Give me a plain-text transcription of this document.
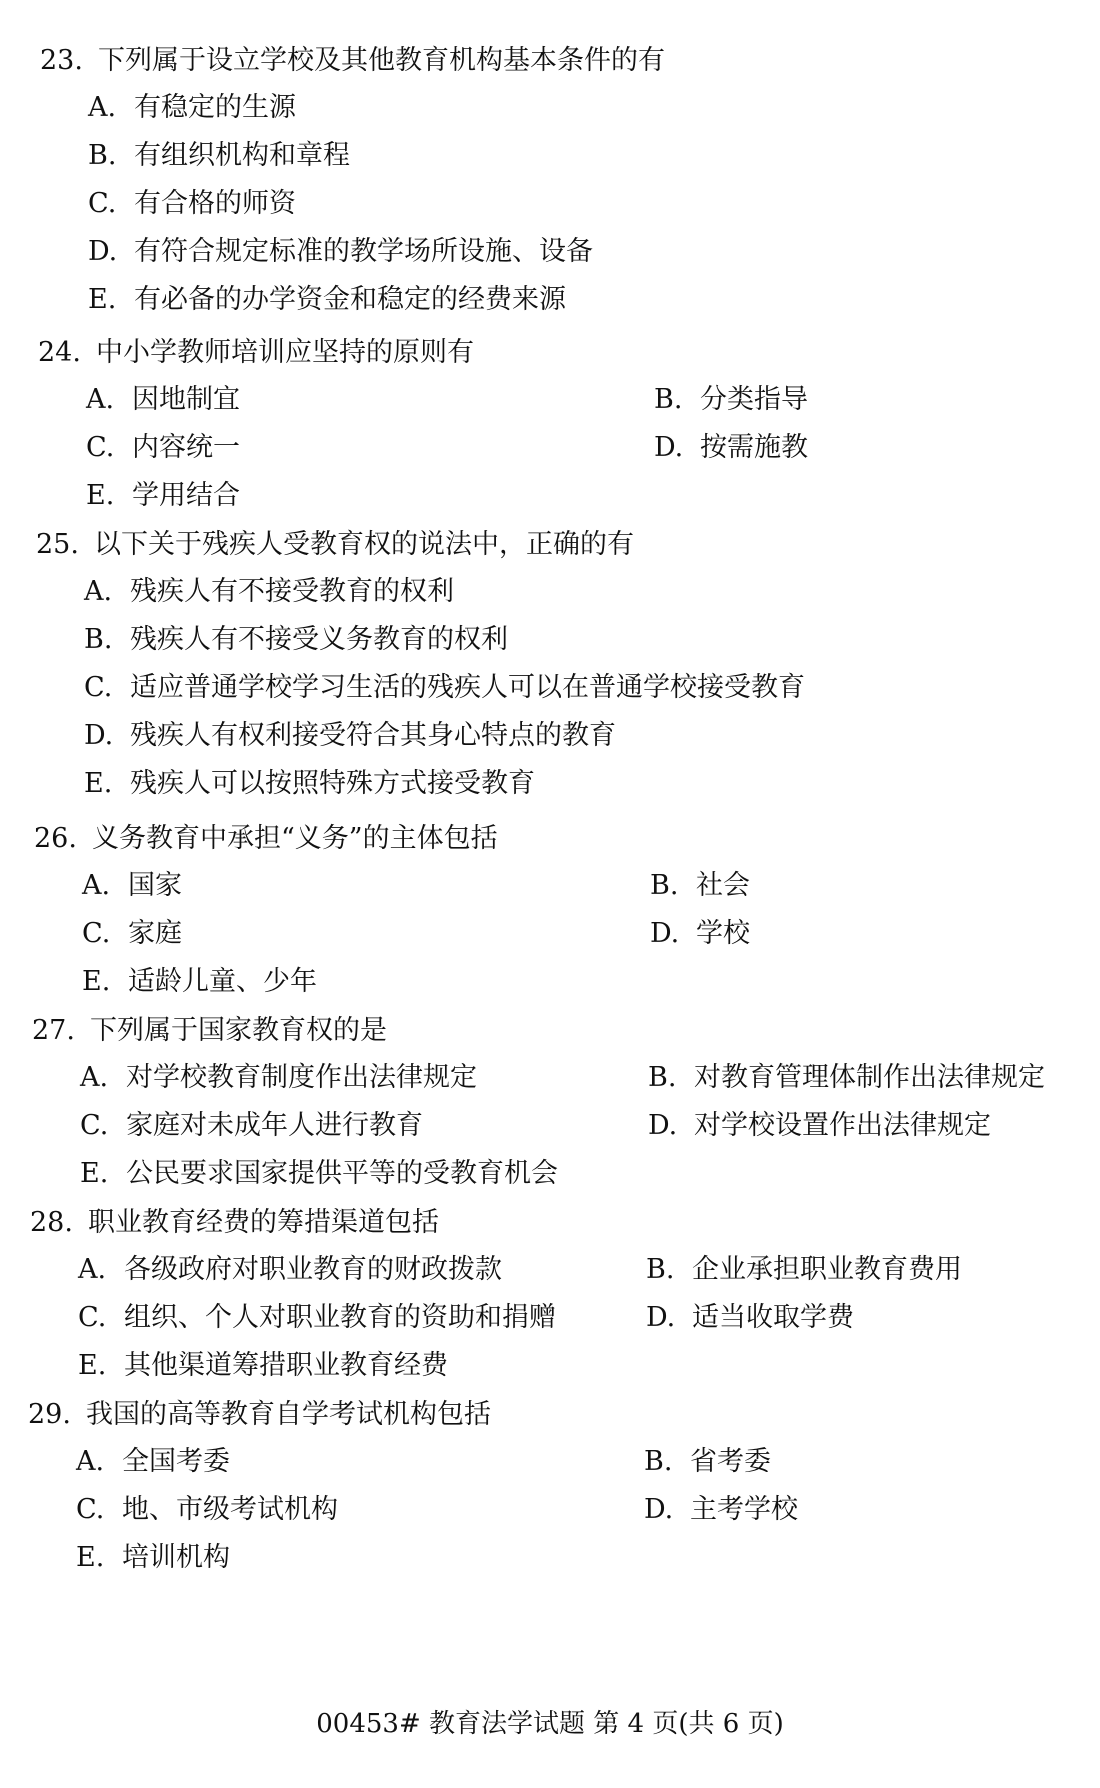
23. 下列属于设立学校及其他教育机构基本条件的有
A. 有稳定的生源
B. 有组织机构和章程
C. 有合格的师资
D. 有符合规定标准的教学场所设施、设备
E. 有必备的办学资金和稳定的经费来源
24. 中小学教师培训应坚持的原则有
A. 因地制宜	B. 分类指导
C. 内容统一	D. 按需施教
E. 学用结合
25. 以下关于残疾人受教育权的说法中，正确的有
A. 残疾人有不接受教育的权利
B. 残疾人有不接受义务教育的权利
C. 适应普通学校学习生活的残疾人可以在普通学校接受教育
D. 残疾人有权利接受符合其身心特点的教育
E. 残疾人可以按照特殊方式接受教育
26. 义务教育中承担“义务”的主体包括
A. 国家	B. 社会
C. 家庭	D. 学校
E. 适龄儿童、少年
27. 下列属于国家教育权的是
A. 对学校教育制度作出法律规定	B. 对教育管理体制作出法律规定
C. 家庭对未成年人进行教育	D. 对学校设置作出法律规定
E. 公民要求国家提供平等的受教育机会
28. 职业教育经费的筹措渠道包括
A. 各级政府对职业教育的财政拨款	B. 企业承担职业教育费用
C. 组织、个人对职业教育的资助和捐赠	D. 适当收取学费
E. 其他渠道筹措职业教育经费
29. 我国的高等教育自学考试机构包括
A. 全国考委	B. 省考委
C. 地、市级考试机构	D. 主考学校
E. 培训机构
00453# 教育法学试题 第 4 页(共 6 页)
